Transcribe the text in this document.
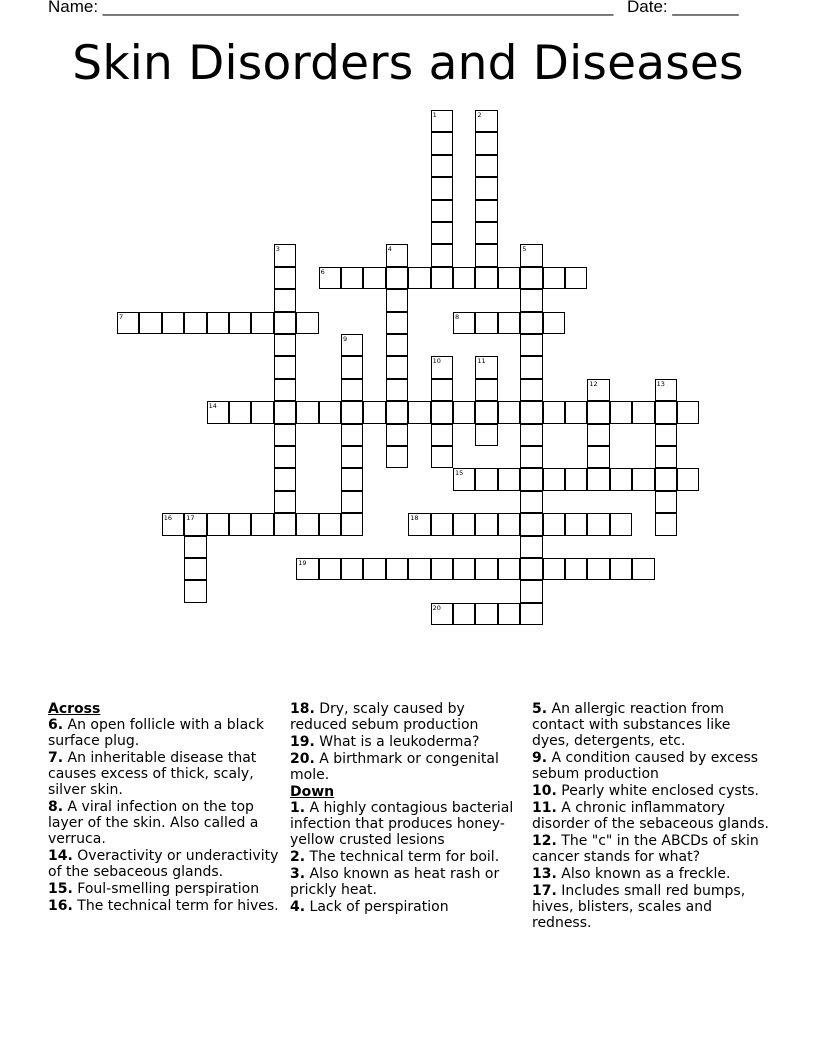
Name: ______________________________________________________ Date: _______
Skin Disorders and Diseases
1	2
3	4	5
6
7	8
9
10	11
12	13
14
15
16 17	18
19
20
Across
6. An open follicle with a black surface plug.
7. An inheritable disease that causes excess of thick, scaly, silver skin.
8. A viral infection on the top layer of the skin. Also called a verruca.
14. Overactivity or underactivity of the sebaceous glands.
15. Foul-smelling perspiration
16. The technical term for hives.
18. Dry, scaly caused by reduced sebum production
19. What is a leukoderma?
20. A birthmark or congenital mole.
Down
1. A highly contagious bacterial infection that produces honey-yellow crusted lesions
2. The technical term for boil.
3. Also known as heat rash or prickly heat.
4. Lack of perspiration
5. An allergic reaction from contact with substances like dyes, detergents, etc.
9. A condition caused by excess sebum production
10. Pearly white enclosed cysts.
11. A chronic inflammatory disorder of the sebaceous glands.
12. The "c" in the ABCDs of skin cancer stands for what?
13. Also known as a freckle.
17. Includes small red bumps, hives, blisters, scales and redness.
